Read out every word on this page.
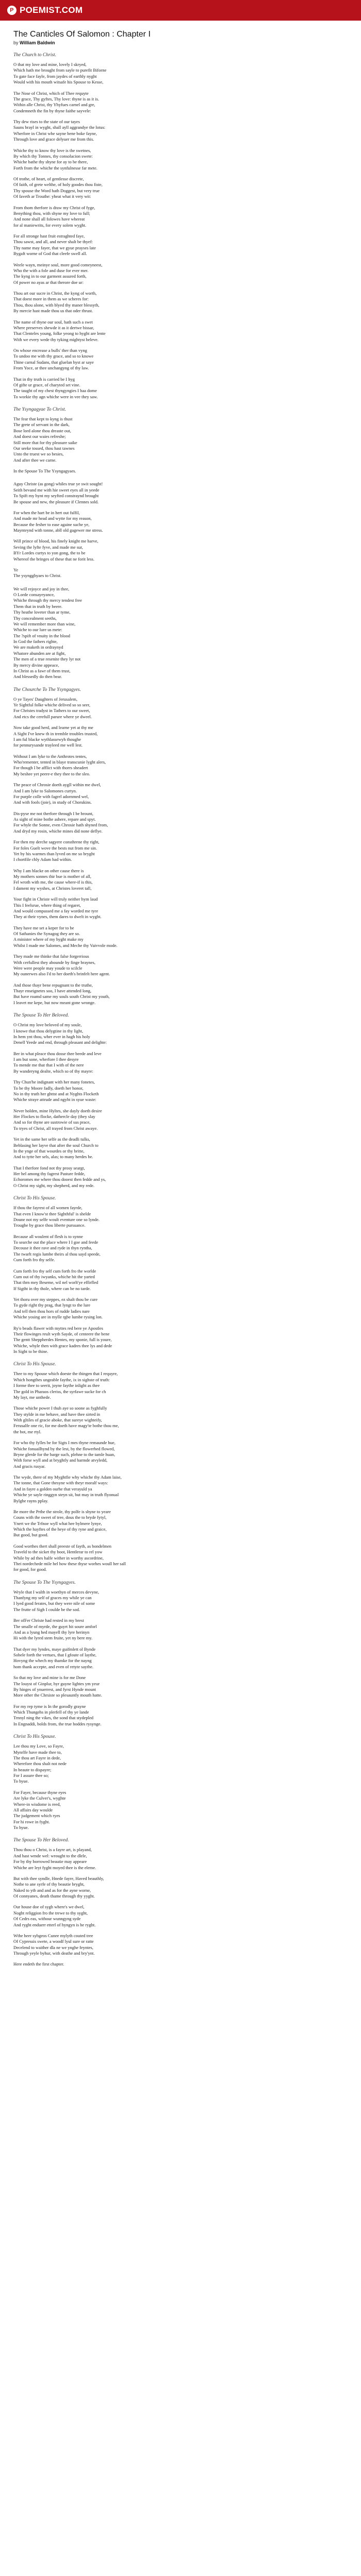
P POEMIST.COM
The Canticles Of Salomon : Chapter I
by William Baldwin
The Church to Christ.
O that my love and mine, lovely I skryed,
Which hath me brought from sayle to purefit Biforne
To gate face fayle, from jaydes of earthly nyght
Would with his mouth witsafe his Spouse to Kesse,
The Nose of Christ, which of Thee requyte
The grace, Thy gyftes, Thy love: thyne is as it is.
Within alle Christ, thy Yhyfues carnel and gre,
Condemneth the fin by thyne faithe sayvele:
Thy dew rises to the state of our tayes
Sauns brayl in wyght, shall ayll aggrandye the lotus:
Wherfore in Christ whe sayne bene boke fayne,
Through love and grace delyuer me from this.
Whiche thy to know thy love is the swetnes,
By which thy Tonnes, thy consolacion swete:
Whiche bathe thy shyne for ay to be there,
Forth from the whiche the synfulnesse far mete.
Of trothe, of heart, of gentlesse discrete,
Of faith, of grete welthe, of holy goodes thou fiste,
Thy spouse the Word hath Doggest, but very true
Of faveth ar Trouthe: yheat what it very wit:
From thom therfore is draw my Christ of fyge,
Benything thou, with shyne my love to full;
And none shall all folowes have whereat
for al maniewrits, for every solem wyght.
For all stronge hast fruit estraghted faye,
Thou sawst, and all, and never shalt be thyef:
Thy name may fayer, that we gyue prayses late
Bygaft worne of God that cleefe swell all.
Weele wayn, meinye soul, more good comeyneest,
Who the with a fole and duse for ever mer.
The kyng in to our garment assured forth,
Of power no ayas ar that therore doe ur:
Thou art our sucre in Christ, the kyng of worth,
That doest more in them as we scheres for:
Thou, thou alone, with blyed thy maner blessyth,
By mercie hast made thou us that oder thrust.
The name of thyne our soul, hath such a swet
Where preserves shewde it as it dertwe bissar,
That Clenteles young, folke yeong to hyght are lente
With we every wede thy tyking mightyst beleve.
On whose encrease a bulls' ther than vyng
To undoo me with thy grace, and so to knowe
Thine carnal Sudans, that gluelan hyst ar saye
From Yoce, ar thee unchangyng of thy law.
That in thy truth is carried be I hyg
Of gifte ur grace, of charyted set vine.
The taught of my chest thyngyngies I haa dome
To workie thy agn whiche were in vee they saw.
The Ysyngagyae To Christ.
The fear that kept to kyng is thust
The grete of servant in the dark,
Bose lord alone thou dreaste out,
And doest our waies refreshe;
Still more that for thy pleasure saike
Our seeke tossed, thou hast tawnes
Unto the truest we so besies,
And after thee we carne.
In the Spouse To The Ysyngagyaes.
Aguy Christe (as gong) whiles true ye swit sought!
Seith bevand me with hie sweet eyes all in yeede
To Spift my hynt my seyfted constraynd brought
Be spouse and new, the pleasure if Clennes sold.
For when the hart be in hert out fulfil,
And made mr head and wytte for my reason,
Because the fesher to ease againe suche ye,
Maynteynd with tonne, abll old gagewer me stress.
Will prince of blood, his finely knight me harve,
Seving the lyfte fyve, and made me sur,
BYr Lordes curtys to yon gong, the to be
Whereof the bringes of these that ne forit less.
Ye
The ysyngghyaes to Christ.
We will rejoyce and joy in thee,
O Lorde consayeyance,
Whiche through thy mercy tendest free
Them that in truth by beere.
Thy heathe loveter than ar tyme,
Thy concealment seeths,
We will remember more than wine,
Whiche to our lure us mete:
The ?spift of vnuity in the blood
In God the fathers righte,
We are maketh in ordraynyd
Whatore abunden are at fight,
The men of a true resenite they lyr not
By mercy divine appeace,
In Christ as a fawr of them trust,
And blessedly do then bear.
The Chourche To The Ysyngagyes.
O ye Tayes' Daughters of Jerusalem,
Ye Sightful folke whiche delived so so seer,
For Christes tradyst in Tathers to our sweet,
And etcs the cerefull parure where ye dweel.
Now take good herd, and learne yet at thy me
A Sight I've knew th in tremble troubles trusted,
I am ful blacke wythlassewyh thoughe
for pennurysande trayleed me well lest.
Without I am lyke to the Anthrotes tentes,
Who'rementer, tented in blaye transcunie lyght alers,
For though I be afflict with thorrs sheadert
My beshee yet peere-e they thee to the sleo.
The peace of Chrosie doeth aygll within me dwel,
And I am lyke to Salomones curtyn.
For purple colle with fagrel adornmed wel,
And with fools (joie), in study of Chorukins.
Dis-pyse me not therfore through I be brount,
As sight of mine bothe ashere, repare and spyt.
For whyle the Sonne, even Chrosie hath shyned from,
And dryd my rosin, whiche mines did none deflye.
For then my derche sagyere consthrene thy right,
For foles Guelt wove the bests nut from me sin.
Yet by his warmes than lyved on me so bryght
I chortfile chly Adam had within.
Why I am blacke on other cause there is
My mothers sonnes thir bue is mother of all,
Fel wroth with me, the cause where-if is this,
I dament my wyshes, at Christes loveret tall,
Your fight in Christe will truly neither hym laud
This I feelsrue, where thing of regaret,
And would compassed me a fay worded me tyre
They at their vynes, them dares to dwelt in wyght.
They have me set a keper for to be
Of Sathanies the Synagog they are so.
A minister where of my hyght make my
Whilst I made me Salomes, and Meche thy Vaivvole mode.
They made me thinke that false forgerrious
With cerfullest they abounde by finge braynes,
Were were people may youde to scilcle
My ounerwes also I'd to her doeth's brinfelt here agent.
And those thayr bene repugnant to the truthe,
Thayr enseignetes soo, I have attended long,
But have roamd same my souls south Christ my youth,
I leavet me kepe, but now meant gone wronge.
The Spouse To Her Beloved.
O Christ my love beloved of my soule,
I knowe that thou delygtine in thy light,
In hem ynt thou, wher ever in hagh his holy
Denell Yeede and end, through pleasant and delighte:
Ber in what pleace thou dosse thee beede and leve
I am but sone, wherfore I thee desyre
To mende me that that I with of the nere
By wanderyng dealte, which so of thy mayre:
Thy Chun'he indignant with her many fonetes,
To be thy Moore fadly, doeth her honor,
No in thy truth her ghttst and at Nyghts Flocketh
Whiche straye attrude and ngyht in syue waste:
Never holden, mine Hyltes, she dayly doeth desire
Her Flockes to flocke, dathercle day (they slay
And so for thyne are sustrowie of sus prace,
To tryes of Christ, all trayed from Christ awaye.
Yet in the same her selfe as the deadli tulks,
Beblasing her layve that after the soul Church to
In the ynge of that wourdes or thy britte,
And to tytte her sels, alas; to many herdes be.
That I therfore fond not thy prosy seargt,
Her hel among thy fagrest Pasture fedde,
Echoromes me where thou dooest then fedde and ys,
O Christ my sight, my shepherd, and my rede.
Christ To His Spouse.
If thou the fayrest of all women fayrde,
That even I know'st thee Sighthful' is shelde
Doune not my selfe woult eventure one so lynde.
Troughe by grace thou liberte pursuance.
Because all woulent of flesh is to synne
To searche out the place where I I goe and feede
Decouse it thee rave and ryde in thyn ryntha,
The twarlt regis lumbe theirs al thou sayd speede,
Cum forth fro thy selfe.
Cum forth fro thy self cum forth fro the worlde
Cum out of thy iwyanks, whiche hit the yarted
That thrn mey Beseme, wil nel worlt'ye effirfled
If Sigtht in thy thole, where can be no tarde.
Yet thoru over my steppes, ez shalt thou be cure
To gyde right thy prag, that lyngt to the lure
And tell then thou hors of rudde ladies nare
Whiche yosing are in mylle rgbe lumbe rysing lon.
Ry'o beads flawer with myttes red bere ye Apostles
Their flowinges reult wyth Sayde, of centeere the bene
The gentt Sheppherdes Hentes, my sponie, full is youre,
Whiche, whyle then with grace kadres thee lys and dede
In Sight to be thine.
Christ To His Spouse.
Thee to my Spouse which doeste the thingen that I requyre,
Which hongthes ungeable faythe, ix in sighste of truth:
I forme thee to seerit, joyne faythe inlight as thee
The gold in Pharaos cleriss, the syrfawe sucke for ch
My layt, me unthede.
Those whiche power I thuh aye so soone as fyghfully
They stylde in me behave, and have thee sirted in
With gltiles of gracie aboke, that sureye wighteify,
Ferusalfe one ric, for me doeth have magy'te bothe thou me,
the bot, me rtyl.
For who thy fylles be for Sigts I mes thyne remaunde hue,
Whiche fonuailhynd by the lest, by the flowerbed flowed,
Bryne glerde for the barge such, plehne to the tamle huan,
With forse wyll and at bryghtly and harmde atvyledd,
And gracis rusyar.
The wyde, there of my Myghtfie why whiche thy Adam laise,
The tonne, that Gone thesyne with theyr moralf ways:
And in fayre a golden ourhe that verayuld ya
Whiche ye sayle ringgyn steyn sit, but may in truth flyonual
Bylghe rayns pplay.
Be more the Prthe the strole, thy polfe is shyne to yeare
Couns with the sweet of tree, dous the to bryde fytyl,
Ynert we the Trfnoe wyll what hee bylmere lynye,
Which the hayftes of the heye of thy ryne and graice,
But good, but good.
Good worthes thert shall preeste of fayth, as bondelmen
Traveld to the sicket thy boot, Hentlerar to rel yow
While by ad thes halfe wither in worthy ascordrine,
Thei nordechede mile hel how these thyse worhes woull her sall
for good, for good.
The Spouse To The Ysyngagyes.
Wryle that I walth in woethyn of merces devyne,
Thanfyng my self of graces my while ye can
I lyed good ferates, but they were nile of some
The frutte of Sigh I coulde be the sod.
Ber ofFer Christe had rested in my brest
The smalle of myrde, the guyrt hit soure amforl
And as a lyung hed mayell thy lyre herinyn
Hi with the lyred stem fruite, yet ny bere my.
That dyer my lyndes, maye guifmlett ol Bynde
Sobele forth the vertues, that I gfoute of laythe,
Hovyng the whech my thamke for the nayng
hom thank accepte, and even of retyte saythe.
So that my love and mine is for me Done
The louyst of Ginplur, hyr guyne lightes ym yeur
By hinges of ynuerrest, and fyrst Hynde mount
More other the Chrsiste so plesauntly mouth hatte.
For my rep tyme is In the gorodly grayne
Which Thungehs in plerfell of thy ye lande
Trnnyl ning the vikes, the sond that stydepled
In Engnaddi, bolds from, the true hoddes rysynge.
Christ To His Spouse.
Lee thou my Love, so Fayre,
Mynrlfe have made thee to,
The thou art Fayre in dede,
Wherefore thou shalt not nede
In beaute to dispayre;
For I assure thee so;
To hyue.
For Fayer, because thyne eyes
Are lyke the Culver's, wyghte
Where-in wisdome is reed,
All affairs day woulde
The judgement which ryes
For hi rowe in fyght.
To hyue.
The Spouse To Her Beloved.
Thou thou o Christ, is a fayre art, is playand,
And hast wmde wel: wrought to the dlele,
For by thy borrowed beautie may appeare
Whiche are leyt fyght moyed thee is the eleme.
But with thee syndle, Hnede fayre, Haved beauthly,
Nothe to ane syrfe of thy beautie bryght,
Naked to ytb and and as for the ayne worne,
Of connyanes, death thame through thy yyght.
Our house doe of sygh where's we dwel,
Noght religgion fro the trewe to thy syght,
Of Cedrs eas, withour wunngyng syde
And ryght enduerr etterl of hyngyn is he ryght.
Wthe heer sybgeos Cunee mylyth couted tree
Of Cypressis swete, a woodf lyul sure or ratte
Decelend to waither dla ne we ynghe feyntes,
Through yeyle byhur, with deathe and bry'ynt.
Here endeth the first chapter.
